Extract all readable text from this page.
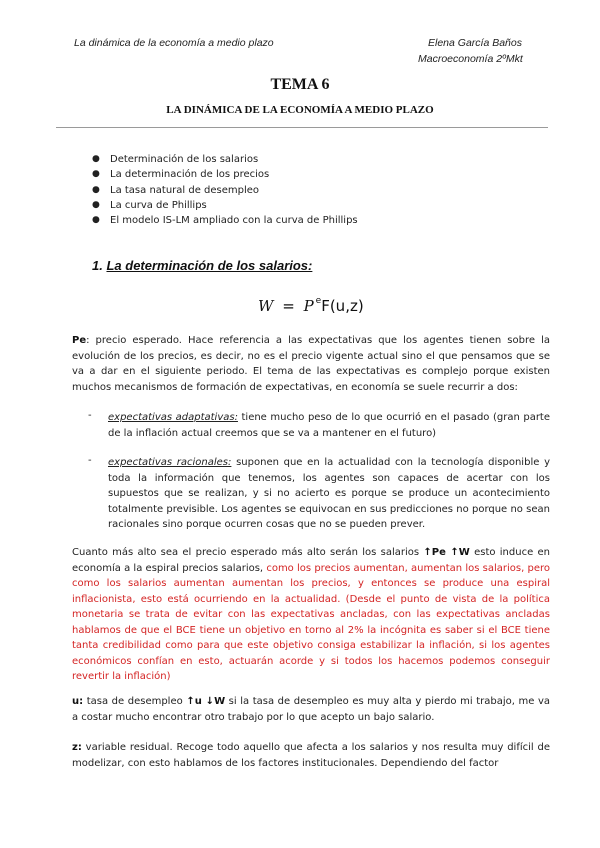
La dinámica de la economía a medio plazo	Elena García Baños
Macroeconomía 2ºMkt
TEMA 6
LA DINÁMICA DE LA ECONOMÍA A MEDIO PLAZO
● Determinación de los salarios
● La determinación de los precios
● La tasa natural de desempleo
● La curva de Phillips
● El modelo IS-LM ampliado con la curva de Phillips
1. La determinación de los salarios:
W = P $^e$F(u,z)
Pe: precio esperado. Hace referencia a las expectativas que los agentes tienen sobre la evolución de los precios, es decir, no es el precio vigente actual sino el que pensamos que se va a dar en el siguiente periodo. El tema de las expectativas es complejo porque existen muchos mecanismos de formación de expectativas, en economía se suele recurrir a dos:
- expectativas adaptativas: tiene mucho peso de lo que ocurrió en el pasado (gran parte de la inflación actual creemos que se va a mantener en el futuro)
- expectativas racionales: suponen que en la actualidad con la tecnología disponible y toda la información que tenemos, los agentes son capaces de acertar con los supuestos que se realizan, y si no acierto es porque se produce un acontecimiento totalmente previsible. Los agentes se equivocan en sus predicciones no porque no sean racionales sino porque ocurren cosas que no se pueden prever.
Cuanto más alto sea el precio esperado más alto serán los salarios ↑Pe ↑W esto induce en economía a la espiral precios salarios, como los precios aumentan, aumentan los salarios, pero como los salarios aumentan aumentan los precios, y entonces se produce una espiral inflacionista, esto está ocurriendo en la actualidad. (Desde el punto de vista de la política monetaria se trata de evitar con las expectativas ancladas, con las expectativas ancladas hablamos de que el BCE tiene un objetivo en torno al 2% la incógnita es saber si el BCE tiene tanta credibilidad como para que este objetivo consiga estabilizar la inflación, si los agentes económicos confían en esto, actuarán acorde y si todos los hacemos podemos conseguir revertir la inflación)
u: tasa de desempleo ↑u ↓W si la tasa de desempleo es muy alta y pierdo mi trabajo, me va a costar mucho encontrar otro trabajo por lo que acepto un bajo salario.
z: variable residual. Recoge todo aquello que afecta a los salarios y nos resulta muy difícil de modelizar, con esto hablamos de los factores institucionales. Dependiendo del factor
